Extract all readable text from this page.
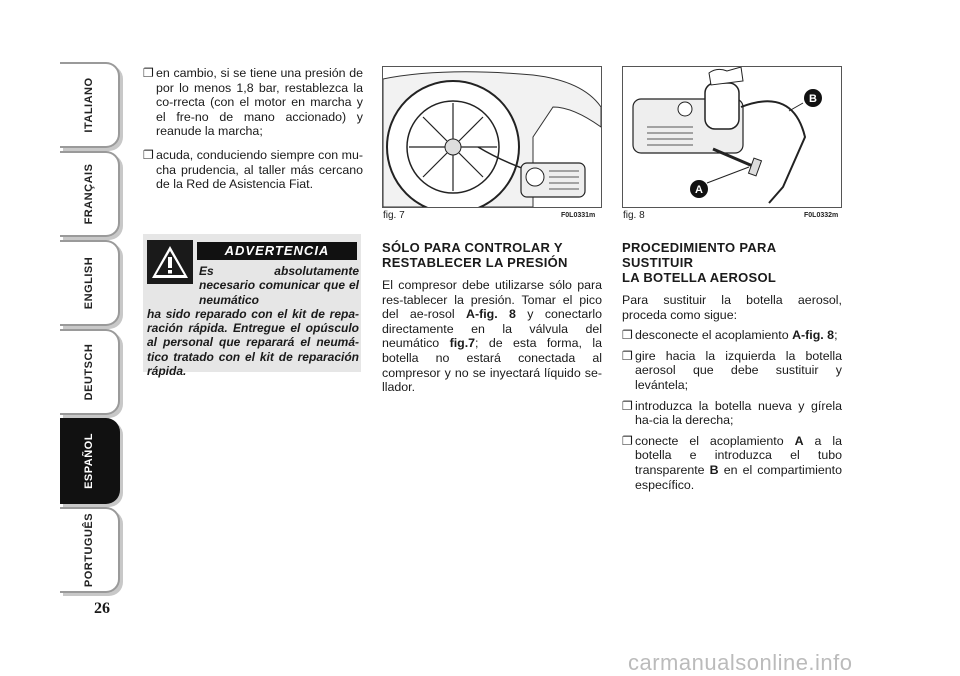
ITALIANO
FRANÇAIS
ENGLISH
DEUTSCH
ESPAÑOL
PORTUGUÊS
26
❐ en cambio, si se tiene una presión de por lo menos 1,8 bar, restablezca la co-rrecta (con el motor en marcha y el fre-no de mano accionado) y reanude la marcha;
❐ acuda, conduciendo siempre con mu-cha prudencia, al taller más cercano de la Red de Asistencia Fiat.
ADVERTENCIA
Es absolutamente necesario comunicar que el neumático
ha sido reparado con el kit de repa-ración rápida. Entregue el opúsculo al personal que reparará el neumá-tico tratado con el kit de reparación rápida.
fig. 7	F0L0331m
B
A
fig. 8	F0L0332m
SÓLO PARA CONTROLAR Y
RESTABLECER LA PRESIÓN
El compresor debe utilizarse sólo para res-tablecer la presión. Tomar el pico del ae-rosol A-fig. 8 y conectarlo directamente en la válvula del neumático fig.7; de esta forma, la botella no estará conectada al compresor y no se inyectará líquido se-llador.
PROCEDIMIENTO PARA
SUSTITUIR
LA BOTELLA AEROSOL
Para sustituir la botella aerosol, proceda como sigue:
❐ desconecte el acoplamiento A-fig. 8;
❐ gire hacia la izquierda la botella aerosol que debe sustituir y levántela;
❐ introduzca la botella nueva y gírela ha-cia la derecha;
❐ conecte el acoplamiento A a la botella e introduzca el tubo transparente B en el compartimiento específico.
carmanualsonline.info
